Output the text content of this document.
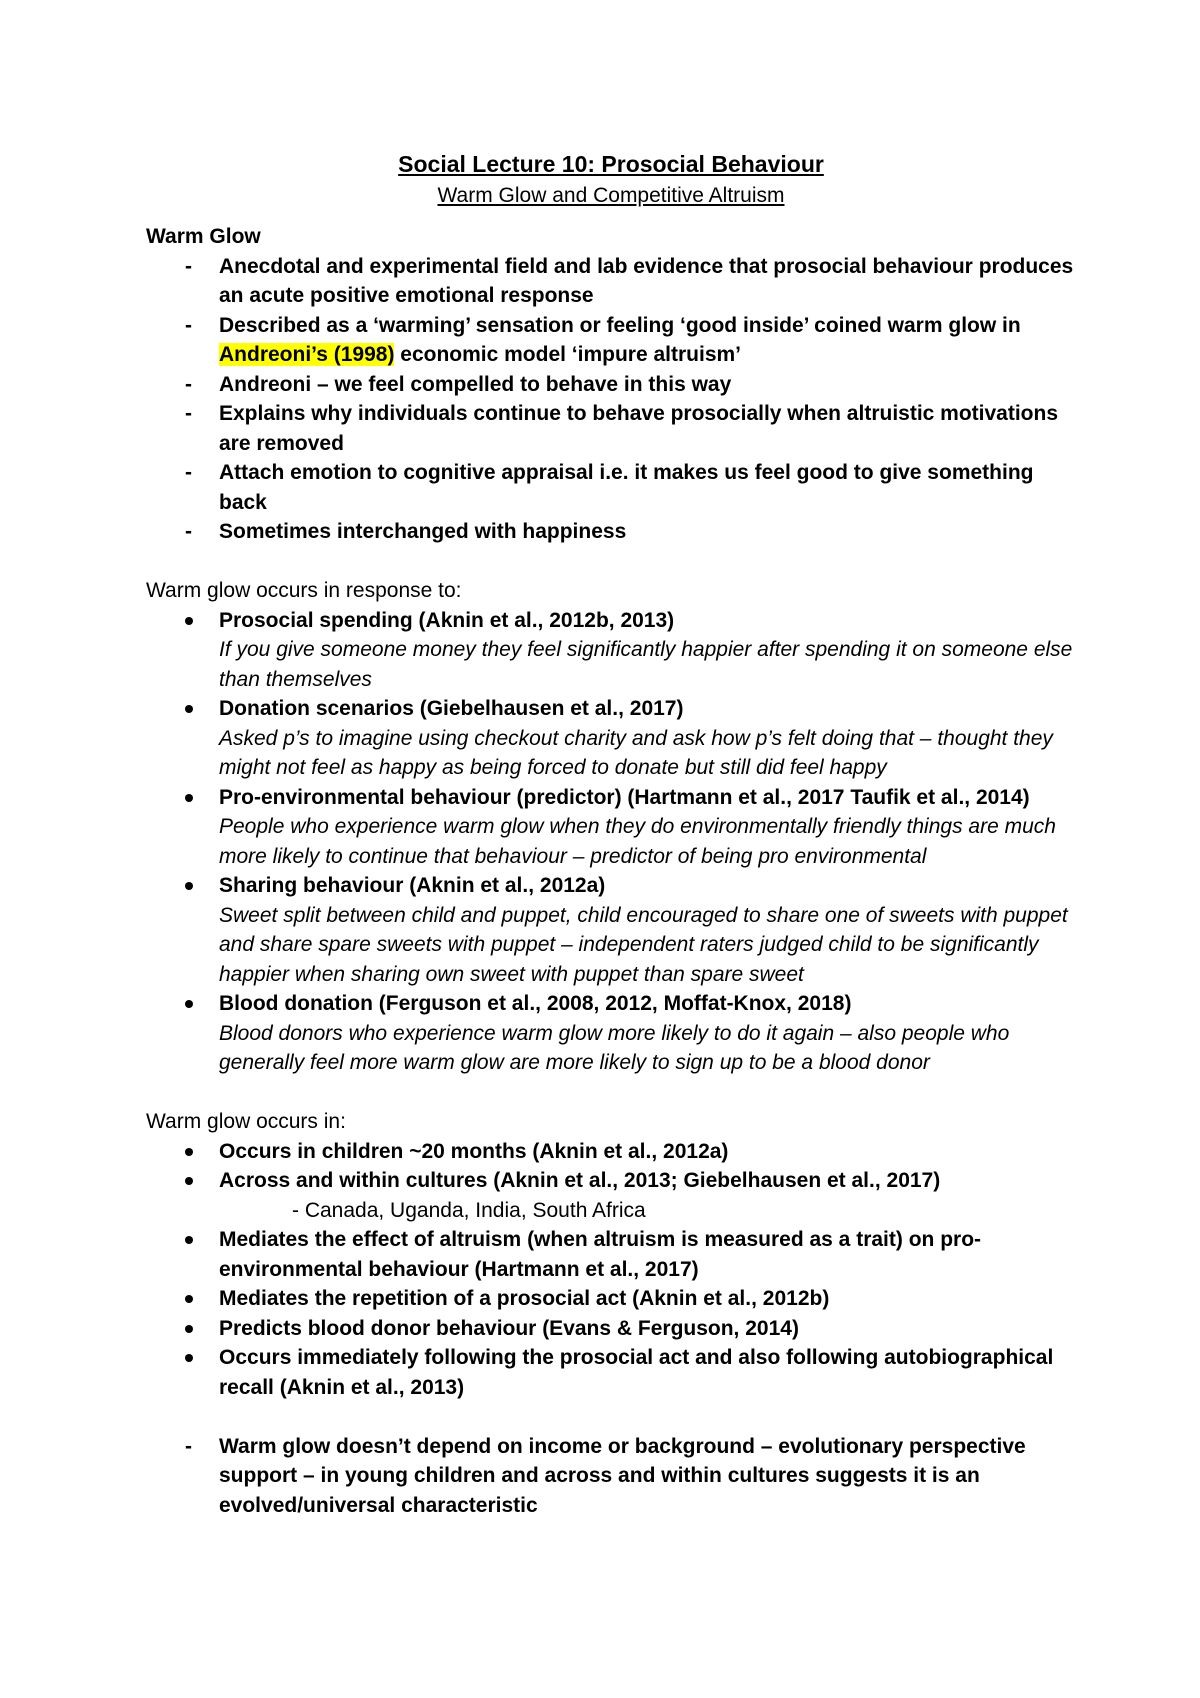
Social Lecture 10: Prosocial Behaviour

Warm Glow and Competitive Altruism

Warm Glow

-
Anecdotal and experimental field and lab evidence that prosocial behaviour produces an acute positive emotional response
-
Described as a ‘warming’ sensation or feeling ‘good inside’ coined warm glow in Andreoni’s (1998) economic model ‘impure altruism’
-
Andreoni – we feel compelled to behave in this way
-
Explains why individuals continue to behave prosocially when altruistic motivations are removed
-
Attach emotion to cognitive appraisal i.e. it makes us feel good to give something back
-
Sometimes interchanged with happiness

Warm glow occurs in response to:

Prosocial spending (Aknin et al., 2012b, 2013)
If you give someone money they feel significantly happier after spending it on someone else than themselves
Donation scenarios (Giebelhausen et al., 2017)
Asked p’s to imagine using checkout charity and ask how p’s felt doing that – thought they might not feel as happy as being forced to donate but still did feel happy
Pro-environmental behaviour (predictor) (Hartmann et al., 2017 Taufik et al., 2014)
People who experience warm glow when they do environmentally friendly things are much more likely to continue that behaviour – predictor of being pro environmental
Sharing behaviour (Aknin et al., 2012a)
Sweet split between child and puppet, child encouraged to share one of sweets with puppet and share spare sweets with puppet – independent raters judged child to be significantly happier when sharing own sweet with puppet than spare sweet
Blood donation (Ferguson et al., 2008, 2012, Moffat-Knox, 2018)
Blood donors who experience warm glow more likely to do it again – also people who generally feel more warm glow are more likely to sign up to be a blood donor

Warm glow occurs in:

Occurs in children ~20 months (Aknin et al., 2012a)
Across and within cultures (Aknin et al., 2013; Giebelhausen et al., 2017)
- Canada, Uganda, India, South Africa
Mediates the effect of altruism (when altruism is measured as a trait) on pro-environmental behaviour (Hartmann et al., 2017)
Mediates the repetition of a prosocial act (Aknin et al., 2012b)
Predicts blood donor behaviour (Evans & Ferguson, 2014)
Occurs immediately following the prosocial act and also following autobiographical recall (Aknin et al., 2013)
-
Warm glow doesn’t depend on income or background – evolutionary perspective support – in young children and across and within cultures suggests it is an evolved/universal characteristic
